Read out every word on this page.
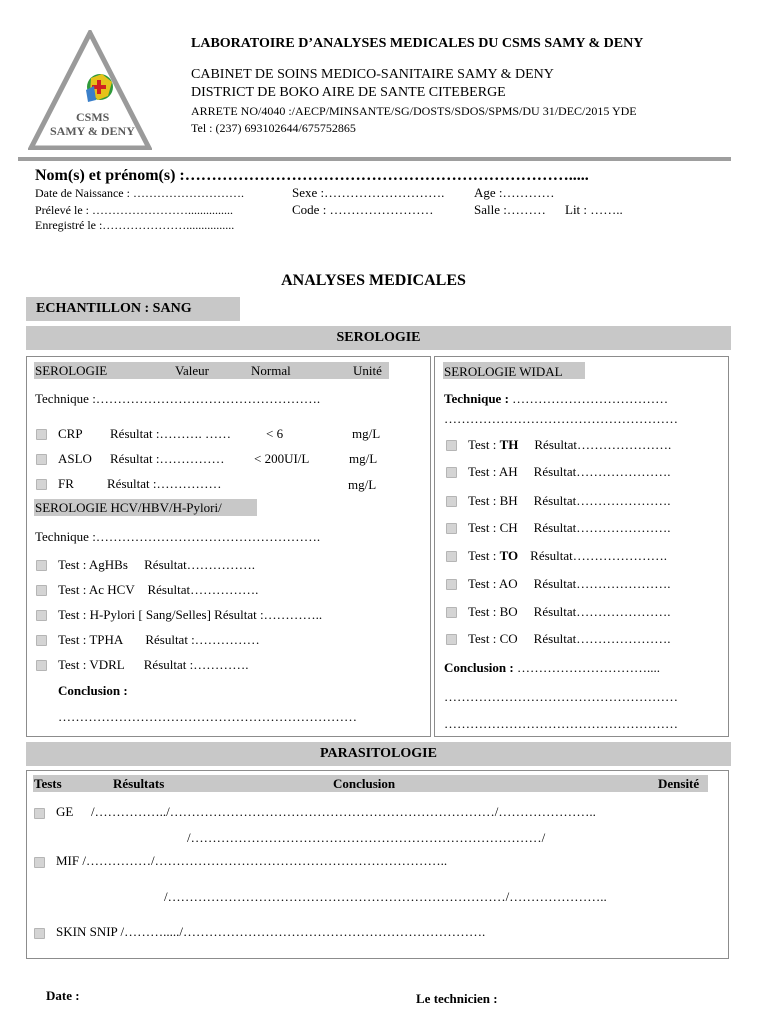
CSMS
SAMY & DENY
LABORATOIRE D’ANALYSES MEDICALES DU CSMS SAMY & DENY
CABINET DE SOINS MEDICO-SANITAIRE SAMY & DENY
DISTRICT DE BOKO AIRE DE SANTE CITEBERGE
ARRETE NO/4040 :/AECP/MINSANTE/SG/DOSTS/SDOS/SPMS/DU 31/DEC/2015 YDE
Tel : (237) 693102644/675752865
Nom(s) et prénom(s) :……………………………………………………………….....
Date de Naissance : ……………………….	Sexe :………………………. Age :…………
Prélevé le : ……………………...............	Code : ……………………	Salle :……… Lit : ……..
Enregistré le :…………………................
ANALYSES MEDICALES
ECHANTILLON : SANG
SEROLOGIE
SEROLOGIE	Valeur	Normal	Unité
Technique :…………………………………………….
CRP Résultat :………. ……	< 6	mg/L
ASLO Résultat :…………… < 200UI/L	mg/L
FR	Résultat :……………	mg/L
SEROLOGIE HCV/HBV/H-Pylori/
Technique :…………………………………………….
Test : AgHBs     Résultat…………….
Test : Ac HCV    Résultat…………….
Test : H-Pylori [ Sang/Selles] Résultat :…………..
Test : TPHA       Résultat :……………
Test : VDRL      Résultat :………….
Conclusion :
……………………………………………………………
SEROLOGIE WIDAL
Technique : ………………………………
………………………………………………
Test : TH Résultat………………….
Test : AH Résultat………………….
Test : BH Résultat………………….
Test : CH Résultat………………….
Test : TO Résultat………………….
Test : AO Résultat………………….
Test : BO Résultat………………….
Test : CO Résultat………………….
Conclusion : …………………………....
………………………………………………
………………………………………………
PARASITOLOGIE
Tests	Résultats	Conclusion	Densité
GE /……………../…………………………………………………………………/…………………..
/………………………………………………………………………/
MIF /……………/…………………………………………………………..
/……………………………………………………………………/…………………..
SKIN SNIP /………...../…………………………………………………………….
Date :	Le technicien :
